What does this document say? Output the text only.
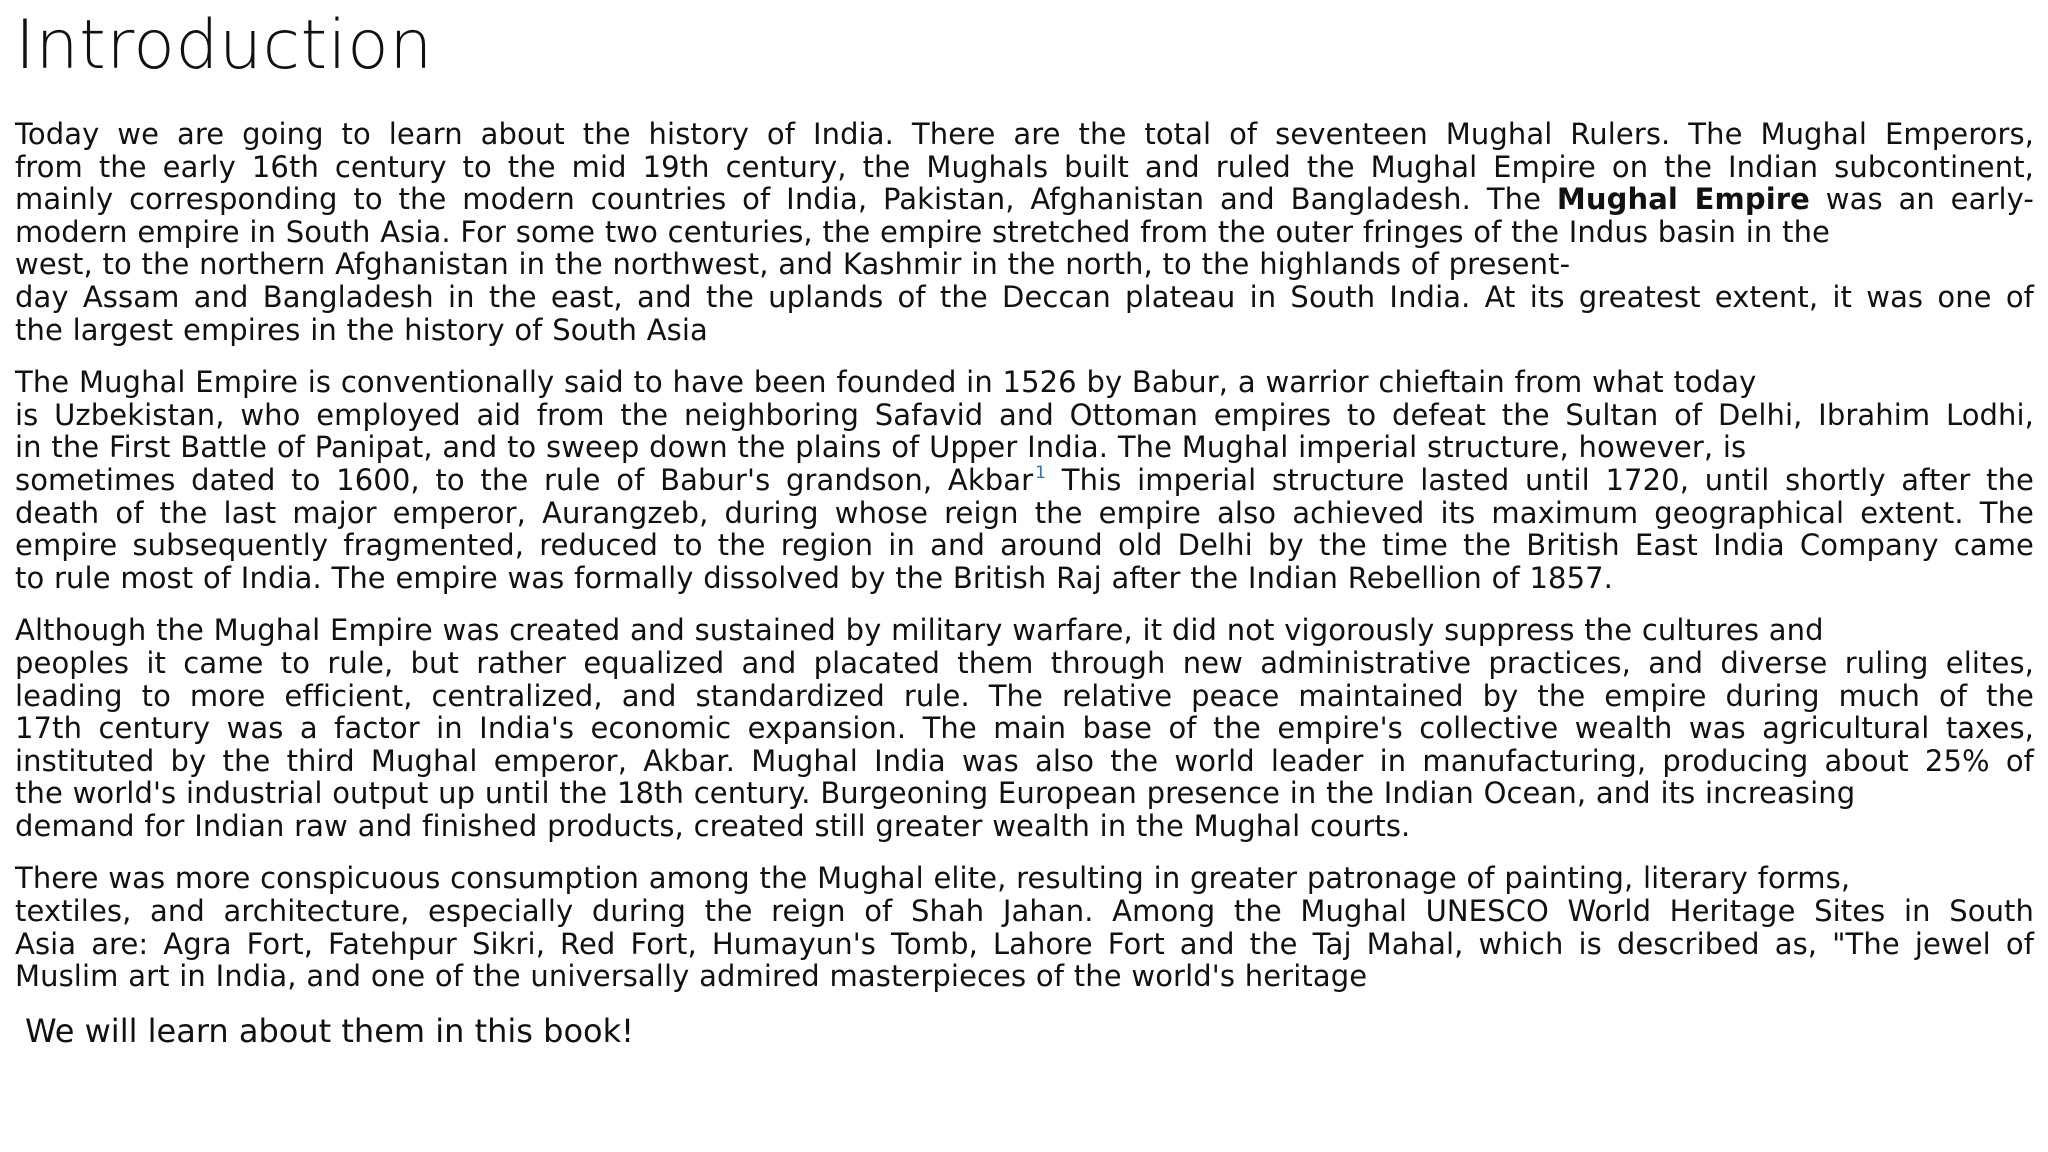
Introduction

Today we are going to learn about the history of India. There are the total of seventeen Mughal Rulers. The Mughal Emperors,
from the early 16th century to the mid 19th century, the Mughals built and ruled the Mughal Empire on the Indian subcontinent,
mainly corresponding to the modern countries of India, Pakistan, Afghanistan and Bangladesh. The Mughal Empire was an early-
modern empire in South Asia. For some two centuries, the empire stretched from the outer fringes of the Indus basin in the
west, to the northern Afghanistan in the northwest, and Kashmir in the north, to the highlands of present-
day Assam and Bangladesh in the east, and the uplands of the Deccan plateau in South India. At its greatest extent, it was one of
the largest empires in the history of South Asia

The Mughal Empire is conventionally said to have been founded in 1526 by Babur, a warrior chieftain from what today
is Uzbekistan, who employed aid from the neighboring Safavid and Ottoman empires to defeat the Sultan of Delhi, Ibrahim Lodhi,
in the First Battle of Panipat, and to sweep down the plains of Upper India. The Mughal imperial structure, however, is
sometimes dated to 1600, to the rule of Babur's grandson, Akbar $^1$ This imperial structure lasted until 1720, until shortly after the
death of the last major emperor, Aurangzeb, during whose reign the empire also achieved its maximum geographical extent. The
empire subsequently fragmented, reduced to the region in and around old Delhi by the time the British East India Company came
to rule most of India. The empire was formally dissolved by the British Raj after the Indian Rebellion of 1857.

Although the Mughal Empire was created and sustained by military warfare, it did not vigorously suppress the cultures and
peoples it came to rule, but rather equalized and placated them through new administrative practices, and diverse ruling elites,
leading to more efficient, centralized, and standardized rule. The relative peace maintained by the empire during much of the
17th century was a factor in India's economic expansion. The main base of the empire's collective wealth was agricultural taxes,
instituted by the third Mughal emperor, Akbar. Mughal India was also the world leader in manufacturing, producing about 25% of
the world's industrial output up until the 18th century. Burgeoning European presence in the Indian Ocean, and its increasing
demand for Indian raw and finished products, created still greater wealth in the Mughal courts.

There was more conspicuous consumption among the Mughal elite, resulting in greater patronage of painting, literary forms,
textiles, and architecture, especially during the reign of Shah Jahan. Among the Mughal UNESCO World Heritage Sites in South
Asia are: Agra Fort, Fatehpur Sikri, Red Fort, Humayun's Tomb, Lahore Fort and the Taj Mahal, which is described as, "The jewel of
Muslim art in India, and one of the universally admired masterpieces of the world's heritage

We will learn about them in this book!
